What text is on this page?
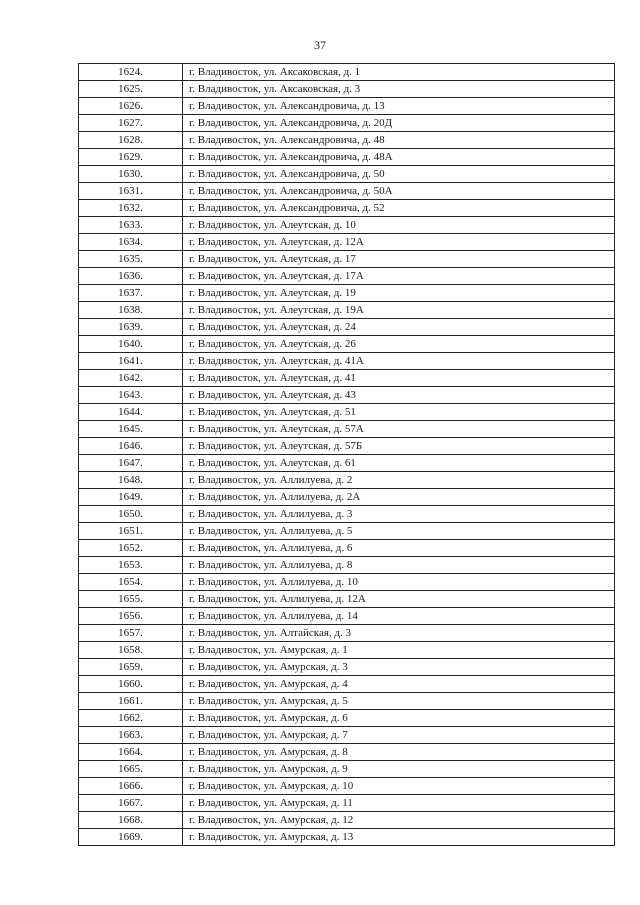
37
1624.	г. Владивосток, ул. Аксаковская, д. 1
1625.	г. Владивосток, ул. Аксаковская, д. 3
1626.	г. Владивосток, ул. Александровича, д. 13
1627.	г. Владивосток, ул. Александровича, д. 20Д
1628.	г. Владивосток, ул. Александровича, д. 48
1629.	г. Владивосток, ул. Александровича, д. 48А
1630.	г. Владивосток, ул. Александровича, д. 50
1631.	г. Владивосток, ул. Александровича, д. 50А
1632.	г. Владивосток, ул. Александровича, д. 52
1633.	г. Владивосток, ул. Алеутская, д. 10
1634.	г. Владивосток, ул. Алеутская, д. 12А
1635.	г. Владивосток, ул. Алеутская, д. 17
1636.	г. Владивосток, ул. Алеутская, д. 17А
1637.	г. Владивосток, ул. Алеутская, д. 19
1638.	г. Владивосток, ул. Алеутская, д. 19А
1639.	г. Владивосток, ул. Алеутская, д. 24
1640.	г. Владивосток, ул. Алеутская, д. 26
1641.	г. Владивосток, ул. Алеутская, д. 41А
1642.	г. Владивосток, ул. Алеутская, д. 41
1643.	г. Владивосток, ул. Алеутская, д. 43
1644.	г. Владивосток, ул. Алеутская, д. 51
1645.	г. Владивосток, ул. Алеутская, д. 57А
1646.	г. Владивосток, ул. Алеутская, д. 57Б
1647.	г. Владивосток, ул. Алеутская, д. 61
1648.	г. Владивосток, ул. Аллилуева, д. 2
1649.	г. Владивосток, ул. Аллилуева, д. 2А
1650.	г. Владивосток, ул. Аллилуева, д. 3
1651.	г. Владивосток, ул. Аллилуева, д. 5
1652.	г. Владивосток, ул. Аллилуева, д. 6
1653.	г. Владивосток, ул. Аллилуева, д. 8
1654.	г. Владивосток, ул. Аллилуева, д. 10
1655.	г. Владивосток, ул. Аллилуева, д. 12А
1656.	г. Владивосток, ул. Аллилуева, д. 14
1657.	г. Владивосток, ул. Алтайская, д. 3
1658.	г. Владивосток, ул. Амурская, д. 1
1659.	г. Владивосток, ул. Амурская, д. 3
1660.	г. Владивосток, ул. Амурская, д. 4
1661.	г. Владивосток, ул. Амурская, д. 5
1662.	г. Владивосток, ул. Амурская, д. 6
1663.	г. Владивосток, ул. Амурская, д. 7
1664.	г. Владивосток, ул. Амурская, д. 8
1665.	г. Владивосток, ул. Амурская, д. 9
1666.	г. Владивосток, ул. Амурская, д. 10
1667.	г. Владивосток, ул. Амурская, д. 11
1668.	г. Владивосток, ул. Амурская, д. 12
1669.	г. Владивосток, ул. Амурская, д. 13
